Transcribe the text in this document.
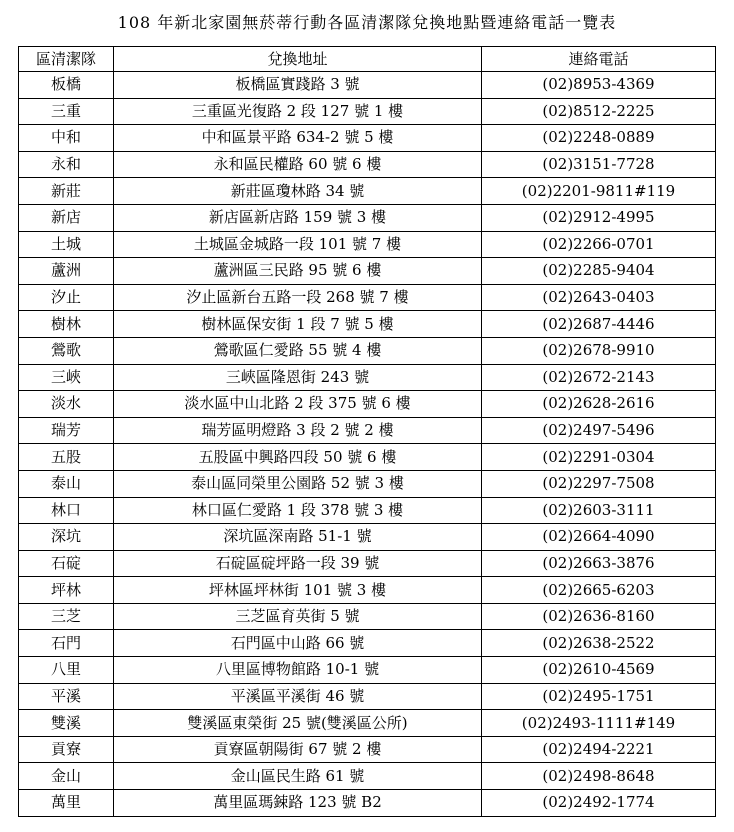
108 年新北家園無菸蒂行動各區清潔隊兌換地點暨連絡電話一覽表
區清潔隊	兌換地址	連絡電話
板橋	板橋區實踐路 3 號	(02)8953-4369
三重	三重區光復路 2 段 127 號 1 樓	(02)8512-2225
中和	中和區景平路 634-2 號 5 樓	(02)2248-0889
永和	永和區民權路 60 號 6 樓	(02)3151-7728
新莊	新莊區瓊林路 34 號	(02)2201-9811#119
新店	新店區新店路 159 號 3 樓	(02)2912-4995
土城	土城區金城路一段 101 號 7 樓	(02)2266-0701
蘆洲	蘆洲區三民路 95 號 6 樓	(02)2285-9404
汐止	汐止區新台五路一段 268 號 7 樓	(02)2643-0403
樹林	樹林區保安街 1 段 7 號 5 樓	(02)2687-4446
鶯歌	鶯歌區仁愛路 55 號 4 樓	(02)2678-9910
三峽	三峽區隆恩街 243 號	(02)2672-2143
淡水	淡水區中山北路 2 段 375 號 6 樓	(02)2628-2616
瑞芳	瑞芳區明燈路 3 段 2 號 2 樓	(02)2497-5496
五股	五股區中興路四段 50 號 6 樓	(02)2291-0304
泰山	泰山區同榮里公園路 52 號 3 樓	(02)2297-7508
林口	林口區仁愛路 1 段 378 號 3 樓	(02)2603-3111
深坑	深坑區深南路 51-1 號	(02)2664-4090
石碇	石碇區碇坪路一段 39 號	(02)2663-3876
坪林	坪林區坪林街 101 號 3 樓	(02)2665-6203
三芝	三芝區育英街 5 號	(02)2636-8160
石門	石門區中山路 66 號	(02)2638-2522
八里	八里區博物館路 10-1 號	(02)2610-4569
平溪	平溪區平溪街 46 號	(02)2495-1751
雙溪	雙溪區東榮街 25 號(雙溪區公所)	(02)2493-1111#149
貢寮	貢寮區朝陽街 67 號 2 樓	(02)2494-2221
金山	金山區民生路 61 號	(02)2498-8648
萬里	萬里區瑪鋉路 123 號 B2	(02)2492-1774
